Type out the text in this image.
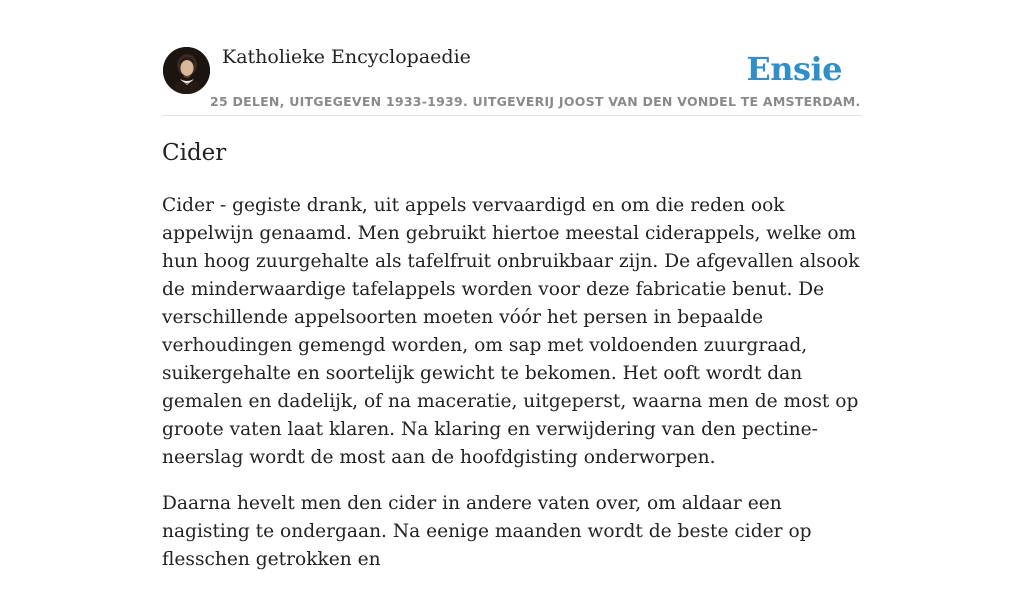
Katholieke Encyclopaedie
25 DELEN, UITGEGEVEN 1933-1939. UITGEVERIJ JOOST VAN DEN VONDEL TE AMSTERDAM.
Ensie
Cider

Cider - gegiste drank, uit appels vervaardigd en om die reden ook appelwijn genaamd. Men gebruikt hiertoe meestal ciderappels, welke om hun hoog zuurgehalte als tafelfruit onbruikbaar zijn. De afgevallen alsook de minderwaardige tafelappels worden voor deze fabricatie benut. De verschillende appelsoorten moeten vóór het persen in bepaalde verhoudingen gemengd worden, om sap met voldoenden zuurgraad, suikergehalte en soortelijk gewicht te bekomen. Het ooft wordt dan gemalen en dadelijk, of na maceratie, uitgeperst, waarna men de most op groote vaten laat klaren. Na klaring en verwijdering van den pectine-neerslag wordt de most aan de hoofdgisting onderworpen.

Daarna hevelt men den cider in andere vaten over, om aldaar een nagisting te ondergaan. Na eenige maanden wordt de beste cider op flesschen getrokken en
